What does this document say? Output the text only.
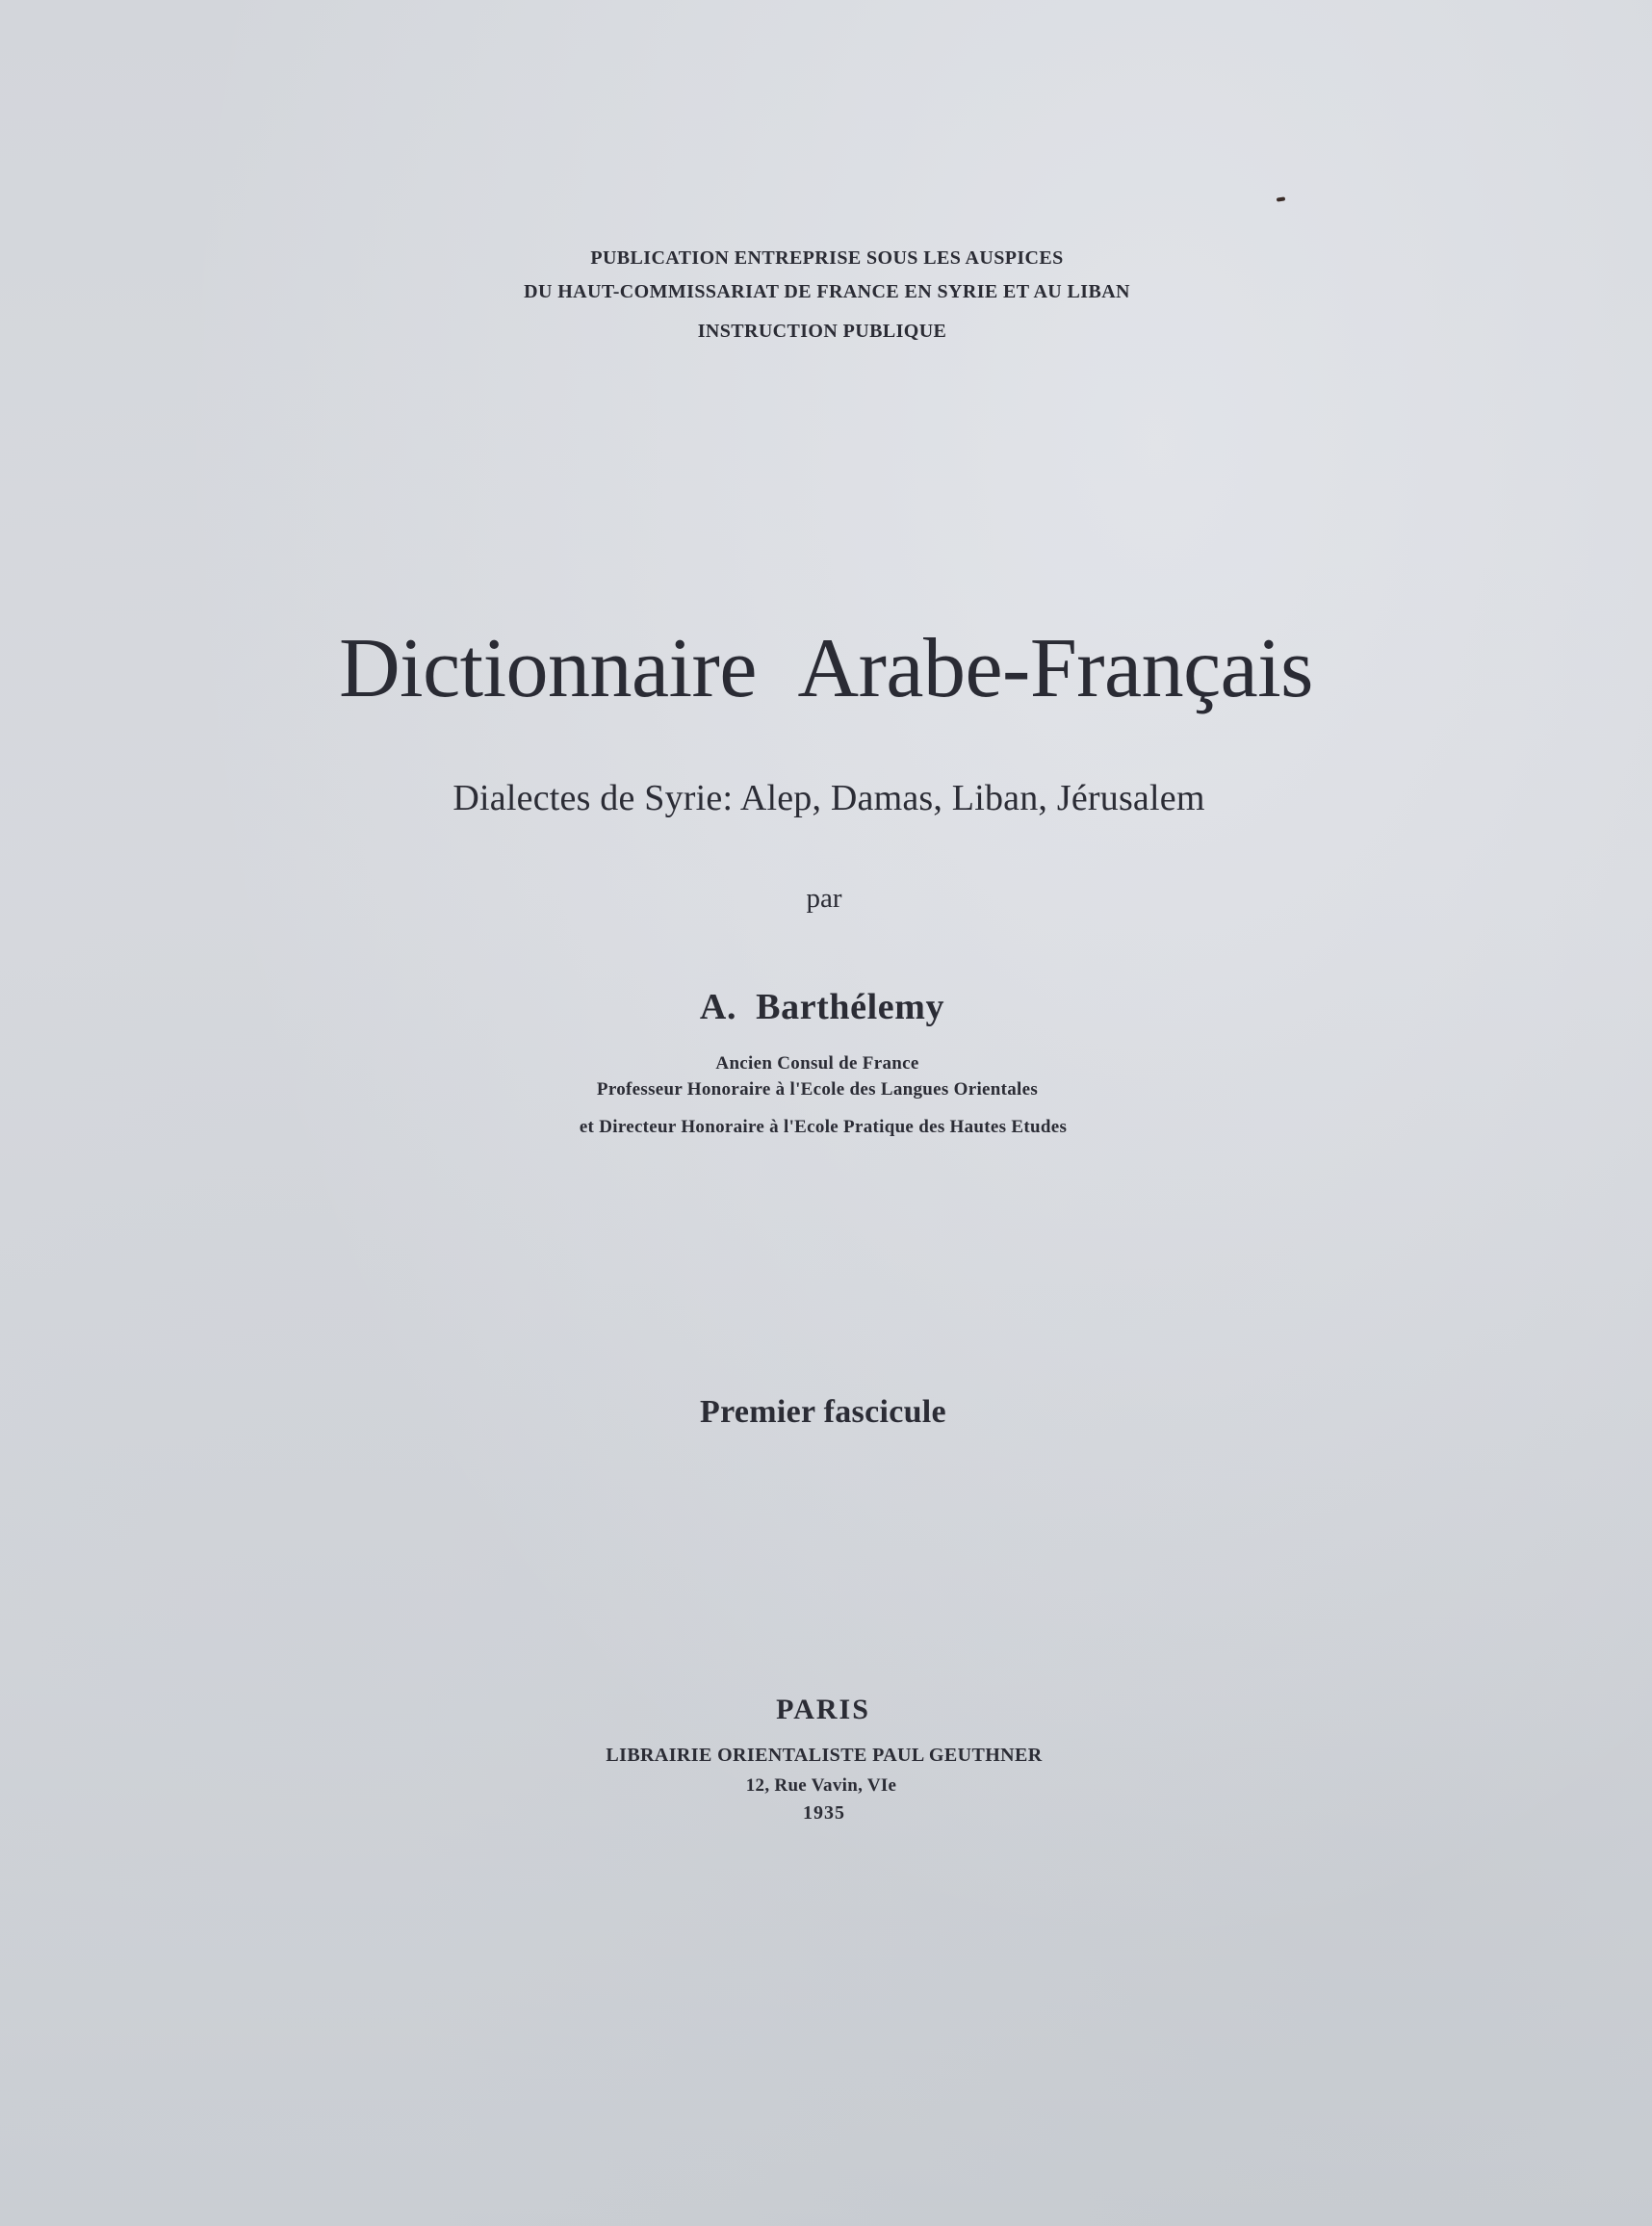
PUBLICATION ENTREPRISE SOUS LES AUSPICES
DU HAUT-COMMISSARIAT DE FRANCE EN SYRIE ET AU LIBAN
INSTRUCTION PUBLIQUE
Dictionnaire Arabe-Français
Dialectes de Syrie: Alep, Damas, Liban, Jérusalem
par
A. Barthélemy
Ancien Consul de France
Professeur Honoraire à l'Ecole des Langues Orientales
et Directeur Honoraire à l'Ecole Pratique des Hautes Etudes
Premier fascicule
PARIS
LIBRAIRIE ORIENTALISTE PAUL GEUTHNER
12, Rue Vavin, VIe
1935
